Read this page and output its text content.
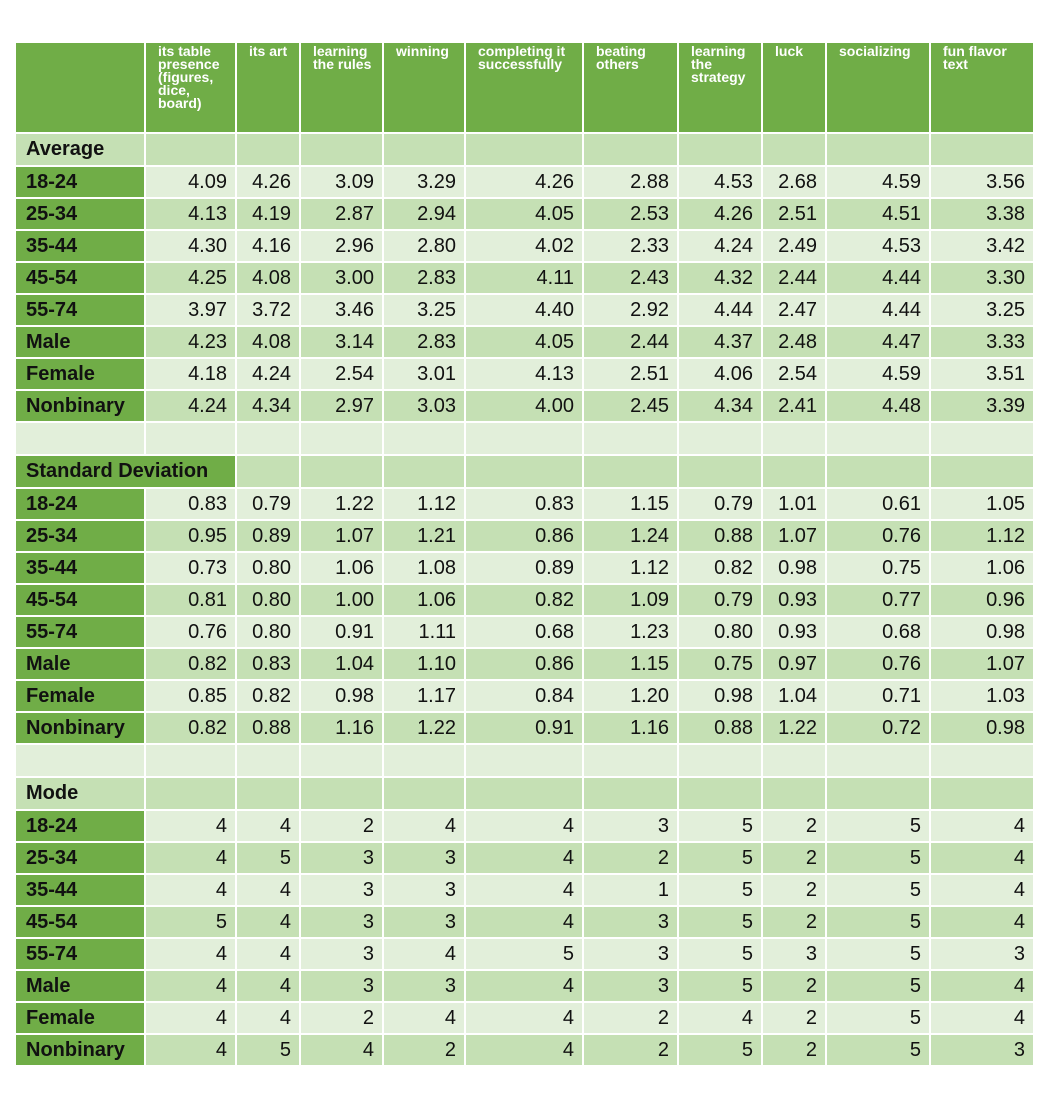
	its table presence (figures, dice, board)	its art	learning the rules	winning	completing it successfully	beating others	learning the strategy	luck	socializing	fun flavor text
Average										
18-24	4.09	4.26	3.09	3.29	4.26	2.88	4.53	2.68	4.59	3.56
25-34	4.13	4.19	2.87	2.94	4.05	2.53	4.26	2.51	4.51	3.38
35-44	4.30	4.16	2.96	2.80	4.02	2.33	4.24	2.49	4.53	3.42
45-54	4.25	4.08	3.00	2.83	4.11	2.43	4.32	2.44	4.44	3.30
55-74	3.97	3.72	3.46	3.25	4.40	2.92	4.44	2.47	4.44	3.25
Male	4.23	4.08	3.14	2.83	4.05	2.44	4.37	2.48	4.47	3.33
Female	4.18	4.24	2.54	3.01	4.13	2.51	4.06	2.54	4.59	3.51
Nonbinary	4.24	4.34	2.97	3.03	4.00	2.45	4.34	2.41	4.48	3.39

Standard Deviation										
18-24	0.83	0.79	1.22	1.12	0.83	1.15	0.79	1.01	0.61	1.05
25-34	0.95	0.89	1.07	1.21	0.86	1.24	0.88	1.07	0.76	1.12
35-44	0.73	0.80	1.06	1.08	0.89	1.12	0.82	0.98	0.75	1.06
45-54	0.81	0.80	1.00	1.06	0.82	1.09	0.79	0.93	0.77	0.96
55-74	0.76	0.80	0.91	1.11	0.68	1.23	0.80	0.93	0.68	0.98
Male	0.82	0.83	1.04	1.10	0.86	1.15	0.75	0.97	0.76	1.07
Female	0.85	0.82	0.98	1.17	0.84	1.20	0.98	1.04	0.71	1.03
Nonbinary	0.82	0.88	1.16	1.22	0.91	1.16	0.88	1.22	0.72	0.98

Mode										
18-24	4	4	2	4	4	3	5	2	5	4
25-34	4	5	3	3	4	2	5	2	5	4
35-44	4	4	3	3	4	1	5	2	5	4
45-54	5	4	3	3	4	3	5	2	5	4
55-74	4	4	3	4	5	3	5	3	5	3
Male	4	4	3	3	4	3	5	2	5	4
Female	4	4	2	4	4	2	4	2	5	4
Nonbinary	4	5	4	2	4	2	5	2	5	3
